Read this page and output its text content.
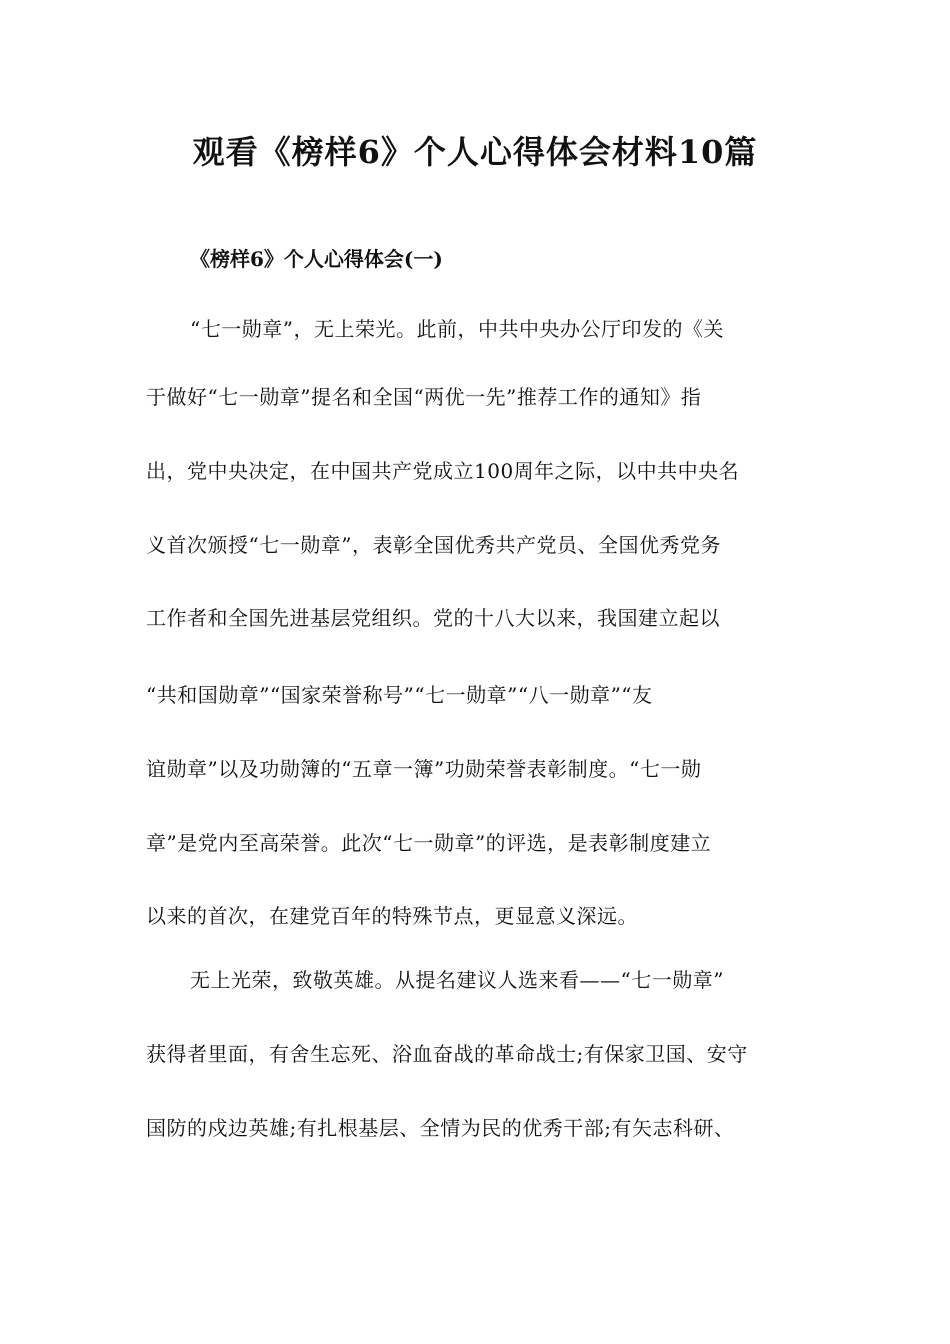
观看《榜样6》个人心得体会材料10篇
《榜样6》个人心得体会(一)
“七一勋章”，无上荣光。此前，中共中央办公厅印发的《关
于做好“七一勋章”提名和全国“两优一先”推荐工作的通知》指
出，党中央决定，在中国共产党成立100周年之际，以中共中央名
义首次颁授“七一勋章”，表彰全国优秀共产党员、全国优秀党务
工作者和全国先进基层党组织。党的十八大以来，我国建立起以
“共和国勋章”“国家荣誉称号”“七一勋章”“八一勋章”“友
谊勋章”以及功勋簿的“五章一簿”功勋荣誉表彰制度。“七一勋
章”是党内至高荣誉。此次“七一勋章”的评选，是表彰制度建立
以来的首次，在建党百年的特殊节点，更显意义深远。
无上光荣，致敬英雄。从提名建议人选来看——“七一勋章”
获得者里面，有舍生忘死、浴血奋战的革命战士;有保家卫国、安守
国防的戍边英雄;有扎根基层、全情为民的优秀干部;有矢志科研、
